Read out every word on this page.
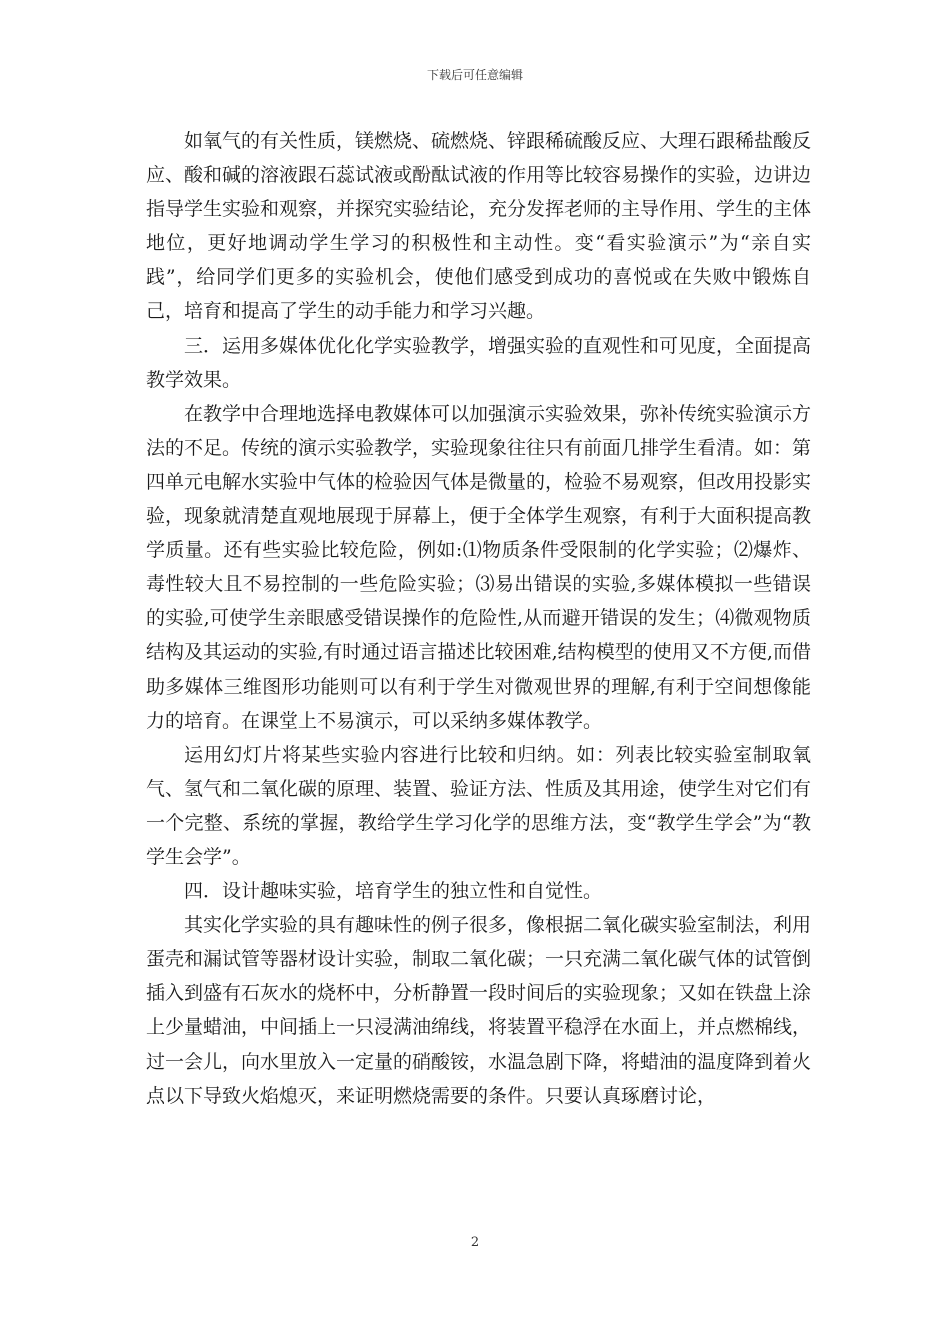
下载后可任意编辑

如氧气的有关性质，镁燃烧、硫燃烧、锌跟稀硫酸反应、大理石跟稀盐酸反应、酸和碱的溶液跟石蕊试液或酚酞试液的作用等比较容易操作的实验，边讲边指导学生实验和观察，并探究实验结论，充分发挥老师的主导作用、学生的主体地位，更好地调动学生学习的积极性和主动性。变“看实验演示”为“亲自实践”，给同学们更多的实验机会，使他们感受到成功的喜悦或在失败中锻炼自己，培育和提高了学生的动手能力和学习兴趣。

三．运用多媒体优化化学实验教学，增强实验的直观性和可见度，全面提高教学效果。

在教学中合理地选择电教媒体可以加强演示实验效果，弥补传统实验演示方法的不足。传统的演示实验教学，实验现象往往只有前面几排学生看清。如：第四单元电解水实验中气体的检验因气体是微量的，检验不易观察，但改用投影实验，现象就清楚直观地展现于屏幕上，便于全体学生观察，有利于大面积提高教学质量。还有些实验比较危险，例如:⑴物质条件受限制的化学实验；⑵爆炸、毒性较大且不易控制的一些危险实验；⑶易出错误的实验,多媒体模拟一些错误的实验,可使学生亲眼感受错误操作的危险性,从而避开错误的发生；⑷微观物质结构及其运动的实验,有时通过语言描述比较困难,结构模型的使用又不方便,而借助多媒体三维图形功能则可以有利于学生对微观世界的理解,有利于空间想像能力的培育。在课堂上不易演示，可以采纳多媒体教学。

运用幻灯片将某些实验内容进行比较和归纳。如：列表比较实验室制取氧气、氢气和二氧化碳的原理、装置、验证方法、性质及其用途，使学生对它们有一个完整、系统的掌握，教给学生学习化学的思维方法，变“教学生学会”为“教学生会学”。

四．设计趣味实验，培育学生的独立性和自觉性。

其实化学实验的具有趣味性的例子很多，像根据二氧化碳实验室制法，利用蛋壳和漏试管等器材设计实验，制取二氧化碳；一只充满二氧化碳气体的试管倒插入到盛有石灰水的烧杯中，分析静置一段时间后的实验现象；又如在铁盘上涂上少量蜡油，中间插上一只浸满油绵线，将装置平稳浮在水面上，并点燃棉线，过一会儿，向水里放入一定量的硝酸铵，水温急剧下降，将蜡油的温度降到着火点以下导致火焰熄灭，来证明燃烧需要的条件。只要认真琢磨讨论，

2
